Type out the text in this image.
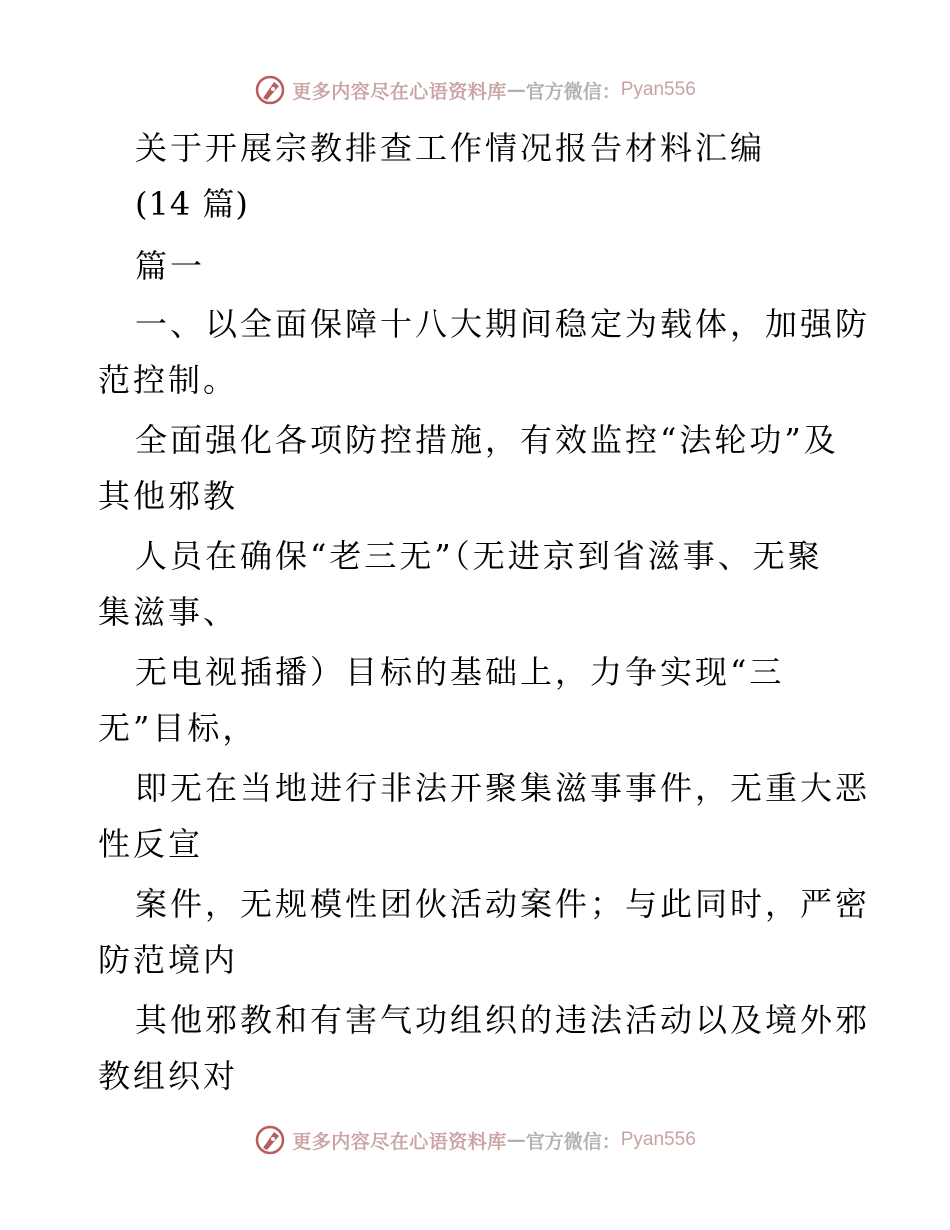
更多内容尽在心语资料库 — 官方微信： Pyan556
关于开展宗教排查工作情况报告材料汇编
(14 篇)
篇一
一、以全面保障十八大期间稳定为载体，加强防
范控制。
全面强化各项防控措施，有效监控“法轮功”及
其他邪教
人员在确保“老三无”（无进京到省滋事、无聚
集滋事、
无电视插播）目标的基础上，力争实现“三
无”目标，
即无在当地进行非法开聚集滋事事件，无重大恶
性反宣
案件，无规模性团伙活动案件；与此同时，严密
防范境内
其他邪教和有害气功组织的违法活动以及境外邪
教组织对
更多内容尽在心语资料库 — 官方微信： Pyan556
